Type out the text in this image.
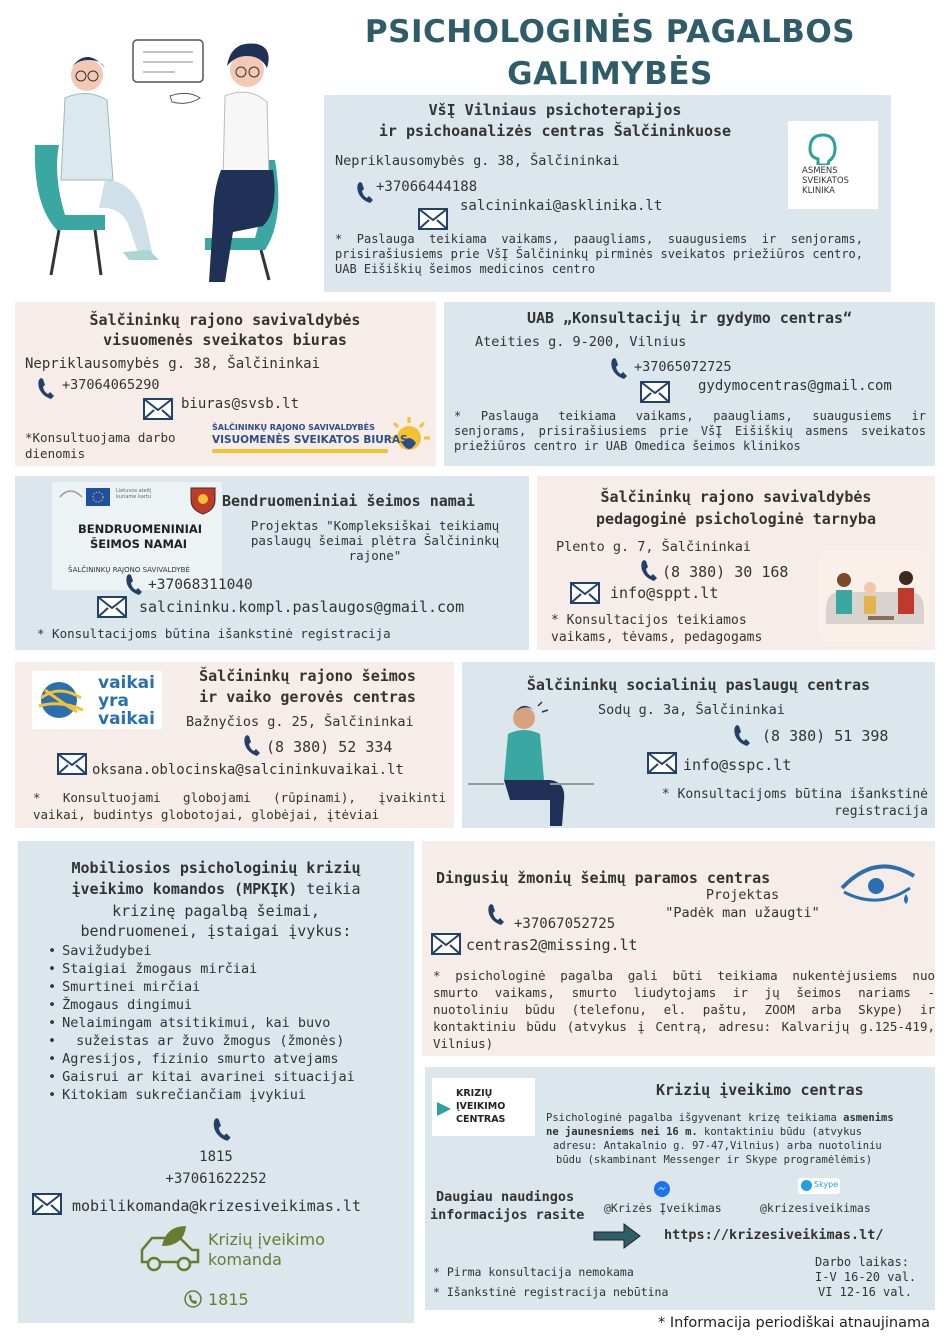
PSICHOLOGINĖS PAGALBOS
GALIMYBĖS
VšĮ Vilniaus psichoterapijos
ir psichoanalizės centras Šalčininkuose
Nepriklausomybės g. 38, Šalčininkai
+37066444188
salcininkai@asklinika.lt
* Paslauga teikiama vaikams, paaugliams, suaugusiems ir senjorams, prisirašiusiems prie VšĮ Šalčininkų pirminės sveikatos priežiūros centro, UAB Eišiškių šeimos medicinos centro
ASMENS
SVEIKATOS
KLINIKA
Šalčininkų rajono savivaldybės
visuomenės sveikatos biuras
Nepriklausomybės g. 38, Šalčininkai
+37064065290
biuras@svsb.lt
*Konsultuojama darbo
dienomis
ŠALČININKŲ RAJONO SAVIVALDYBĖS
VISUOMENĖS SVEIKATOS BIURAS
UAB „Konsultacijų ir gydymo centras“
Ateities g. 9-200, Vilnius
+37065072725
gydymocentras@gmail.com
* Paslauga teikiama vaikams, paaugliams, suaugusiems ir senjorams, prisirašiusiems prie VšĮ Eišiškių asmens sveikatos priežiūros centro ir UAB Omedica šeimos klinikos
Lietuvos ateitį kuriame kartu
BENDRUOMENINIAI
ŠEIMOS NAMAI
ŠALČININKŲ RAJONO SAVIVALDYBĖ
Bendruomeniniai šeimos namai
Projektas "Kompleksiškai teikiamų
paslaugų šeimai plėtra Šalčininkų
rajone"
+37068311040
salcininku.kompl.paslaugos@gmail.com
* Konsultacijoms būtina išankstinė registracija
Šalčininkų rajono savivaldybės
pedagoginė psichologinė tarnyba
Plento g. 7, Šalčininkai
(8 380) 30 168
info@sppt.lt
* Konsultacijos teikiamos
vaikams, tėvams, pedagogams
vaikai
yra
vaikai
Šalčininkų rajono šeimos
ir vaiko gerovės centras
Bažnyčios g. 25, Šalčininkai
(8 380) 52 334
oksana.oblocinska@salcininkuvaikai.lt
* Konsultuojami globojami (rūpinami), įvaikinti vaikai, budintys globotojai, globėjai, įtėviai
Šalčininkų socialinių paslaugų centras
Sodų g. 3a, Šalčininkai
(8 380) 51 398
info@sspc.lt
* Konsultacijoms būtina išankstinė
registracija
Mobiliosios psichologinių krizių
įveikimo komandos (MPKĮK) teikia
krizinę pagalbą šeimai,
bendruomenei, įstaigai įvykus:
• Savižudybei
• Staigiai žmogaus mirčiai
• Smurtinei mirčiai
• Žmogaus dingimui
• Nelaimingam atsitikimui, kai buvo
• sužeistas ar žuvo žmogus (žmonės)
• Agresijos, fizinio smurto atvejams
• Gaisrui ar kitai avarinei situacijai
• Kitokiam sukrečiančiam įvykiui
1815
+37061622252
mobilikomanda@krizesiveikimas.lt
Krizių įveikimo
komanda
1815
Dingusių žmonių šeimų paramos centras
Projektas
"Padėk man užaugti"
+37067052725
centras2@missing.lt
* psichologinė pagalba gali būti teikiama nukentėjusiems nuo smurto vaikams, smurto liudytojams ir jų šeimos nariams - nuotoliniu būdu (telefonu, el. paštu, ZOOM arba Skype) ir kontaktiniu būdu (atvykus į Centrą, adresu: Kalvarijų g.125-419, Vilnius)
KRIZIŲ
ĮVEIKIMO
CENTRAS
Krizių įveikimo centras
Psichologinė pagalba išgyvenant krizę teikiama asmenims
ne jaunesniems nei 16 m. kontaktiniu būdu (atvykus
adresu: Antakalnio g. 97-47,Vilnius) arba nuotoliniu
būdu (skambinant Messenger ir Skype programėlėmis)
Daugiau naudingos
informacijos rasite @Krizės Įveikimas
Skype
@krizesiveikimas
https://krizesiveikimas.lt/
* Pirma konsultacija nemokama
* Išankstinė registracija nebūtina
Darbo laikas:
I-V 16-20 val.
VI 12-16 val.
* Informacija periodiškai atnaujinama
